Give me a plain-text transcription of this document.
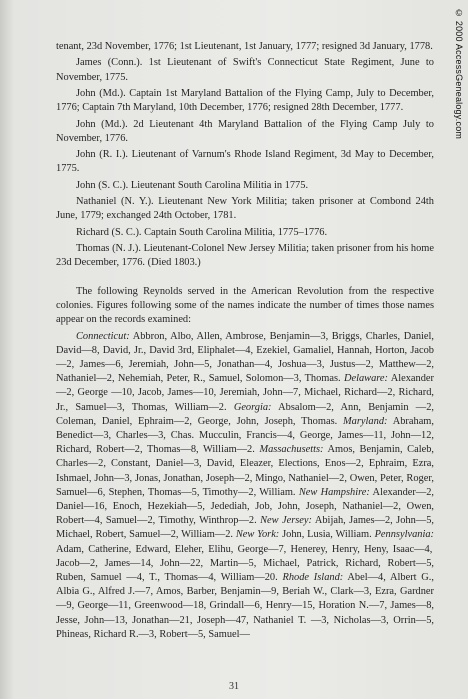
© 2000 AccessGenealogy.com

tenant, 23d November, 1776; 1st Lieutenant, 1st January, 1777; resigned 3d January, 1778.

James (Conn.). 1st Lieutenant of Swift's Connecticut State Regiment, June to November, 1775.

John (Md.). Captain 1st Maryland Battalion of the Flying Camp, July to December, 1776; Captain 7th Maryland, 10th December, 1776; resigned 28th December, 1777.

John (Md.). 2d Lieutenant 4th Maryland Battalion of the Flying Camp July to November, 1776.

John (R. I.). Lieutenant of Varnum's Rhode Island Regiment, 3d May to December, 1775.

John (S. C.). Lieutenant South Carolina Militia in 1775.

Nathaniel (N. Y.). Lieutenant New York Militia; taken prisoner at Combond 24th June, 1779; exchanged 24th October, 1781.

Richard (S. C.). Captain South Carolina Militia, 1775–1776.

Thomas (N. J.). Lieutenant-Colonel New Jersey Militia; taken prisoner from his home 23d December, 1776. (Died 1803.)

The following Reynolds served in the American Revolution from the respective colonies. Figures following some of the names indicate the number of times those names appear on the records examined:

Connecticut: Abbron, Albo, Allen, Ambrose, Benjamin—3, Briggs, Charles, Daniel, David—8, David, Jr., David 3rd, Eliphalet—4, Ezekiel, Gamaliel, Hannah, Horton, Jacob—2, James—6, Jeremiah, John—5, Jonathan—4, Joshua—3, Justus—2, Matthew—2, Nathaniel—2, Nehemiah, Peter, R., Samuel, Solomon—3, Thomas. Delaware: Alexander—2, George —10, Jacob, James—10, Jeremiah, John—7, Michael, Richard—2, Richard, Jr., Samuel—3, Thomas, William—2. Georgia: Absalom—2, Ann, Benjamin —2, Coleman, Daniel, Ephraim—2, George, John, Joseph, Thomas. Maryland: Abraham, Benedict—3, Charles—3, Chas. Mucculin, Francis—4, George, James—11, John—12, Richard, Robert—2, Thomas—8, William—2. Massachusetts: Amos, Benjamin, Caleb, Charles—2, Constant, Daniel—3, David, Eleazer, Elections, Enos—2, Ephraim, Ezra, Ishmael, John—3, Jonas, Jonathan, Joseph—2, Mingo, Nathaniel—2, Owen, Peter, Roger, Samuel—6, Stephen, Thomas—5, Timothy—2, William. New Hampshire: Alexander—2, Daniel—16, Enoch, Hezekiah—5, Jedediah, Job, John, Joseph, Nathaniel—2, Owen, Robert—4, Samuel—2, Timothy, Winthrop—2. New Jersey: Abijah, James—2, John—5, Michael, Robert, Samuel—2, William—2. New York: John, Lusia, William. Pennsylvania: Adam, Catherine, Edward, Eleher, Elihu, George—7, Henerey, Henry, Heny, Isaac—4, Jacob—2, James—14, John—22, Martin—5, Michael, Patrick, Richard, Robert—5, Ruben, Samuel —4, T., Thomas—4, William—20. Rhode Island: Abel—4, Albert G., Albia G., Alfred J.—7, Amos, Barber, Benjamin—9, Beriah W., Clark—3, Ezra, Gardner—9, George—11, Greenwood—18, Grindall—6, Henry—15, Horation N.—7, James—8, Jesse, John—13, Jonathan—21, Joseph—47, Nathaniel T. —3, Nicholas—3, Orrin—5, Phineas, Richard R.—3, Robert—5, Samuel—

31
